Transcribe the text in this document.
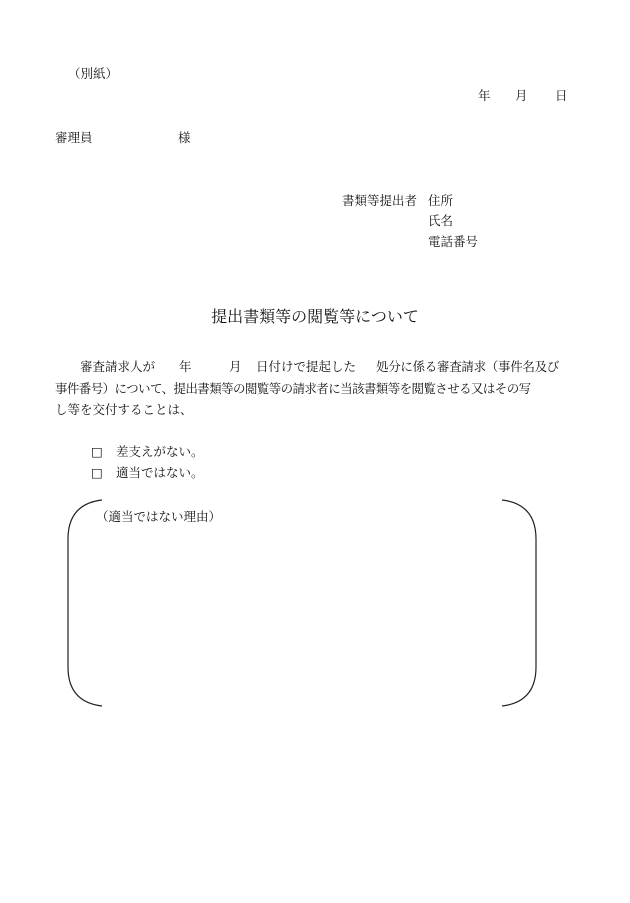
（別紙）
年 月 日
審理員	様
書類等提出者 住所
氏名
電話番号
提出書類等の閲覧等について
審査請求人が 年	月 日付けで提起した 処分に係る審査請求（事件名及び
事件番号）について、提出書類等の閲覧等の請求者に当該書類等を閲覧させる又はその写
し等を交付することは、
□ 差支えがない。
□ 適当ではない。
（適当ではない理由）
